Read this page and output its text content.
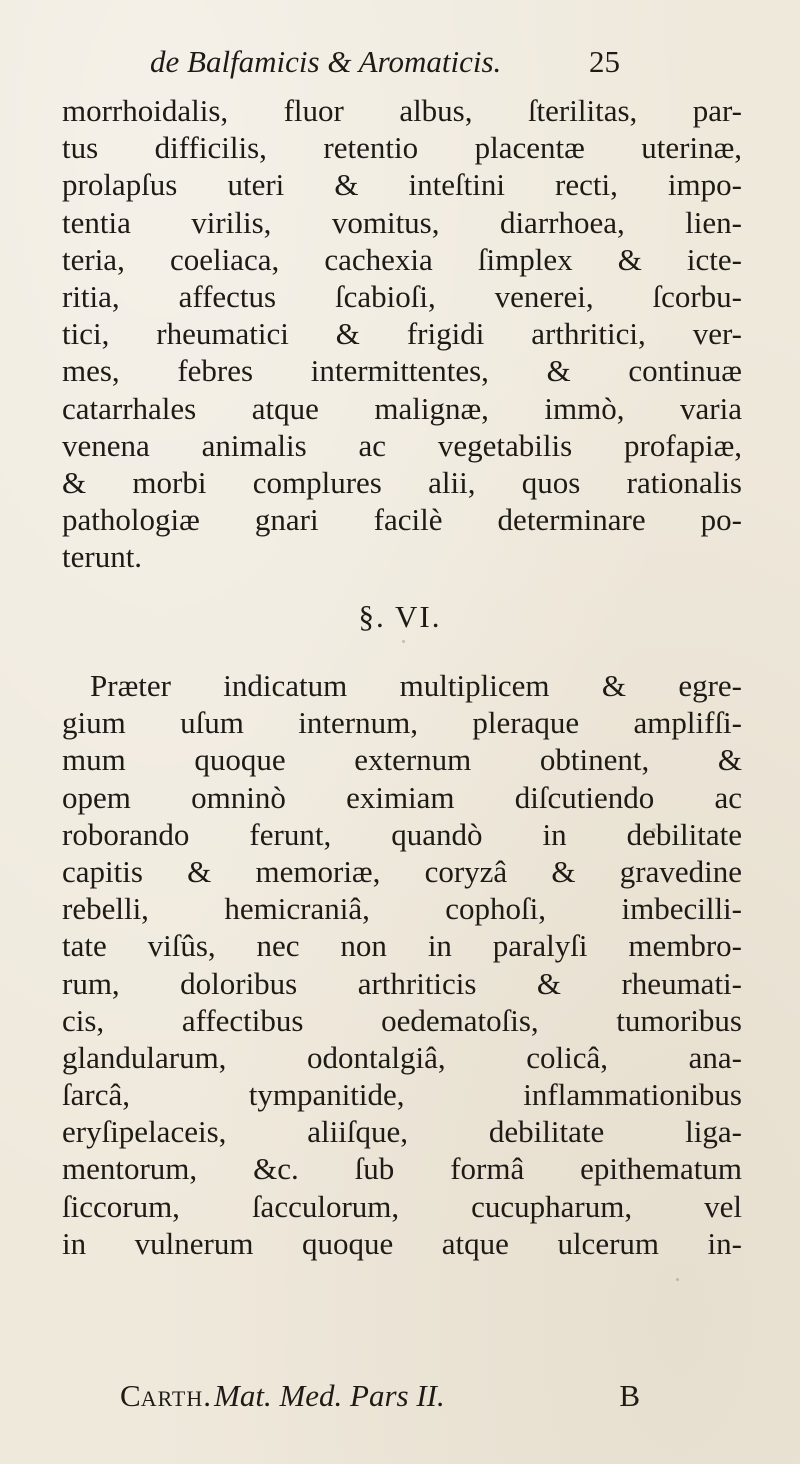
de Balfamicis & Aromaticis.	25
morrhoidalis, fluor albus, ſterilitas, par-
tus difficilis, retentio placentæ uterinæ,
prolapſus uteri & inteſtini recti, impo-
tentia virilis, vomitus, diarrhoea, lien-
teria, coeliaca, cachexia ſimplex & icte-
ritia, affectus ſcabioſi, venerei, ſcorbu-
tici, rheumatici & frigidi arthritici, ver-
mes, febres intermittentes, & continuæ
catarrhales atque malignæ, immò, varia
venena animalis ac vegetabilis profapiæ,
& morbi complures alii, quos rationalis
pathologiæ gnari facilè determinare po-
terunt.
§. VI.
Præter indicatum multiplicem & egre-
gium uſum internum, pleraque amplifſi-
mum quoque externum obtinent, &
opem omninò eximiam diſcutiendo ac
roborando ferunt, quandò in debilitate
capitis & memoriæ, coryzâ & gravedine
rebelli, hemicraniâ, cophoſi, imbecilli-
tate viſûs, nec non in paralyſi membro-
rum, doloribus arthriticis & rheumati-
cis, affectibus oedematoſis, tumoribus
glandularum, odontalgiâ, colicâ, ana-
ſarcâ, tympanitide, inflammationibus
eryſipelaceis, aliiſque, debilitate liga-
mentorum, &c. ſub formâ epithematum
ſiccorum, ſacculorum, cucupharum, vel
in vulnerum quoque atque ulcerum in-
Carth.Mat. Med. Pars II.	B
